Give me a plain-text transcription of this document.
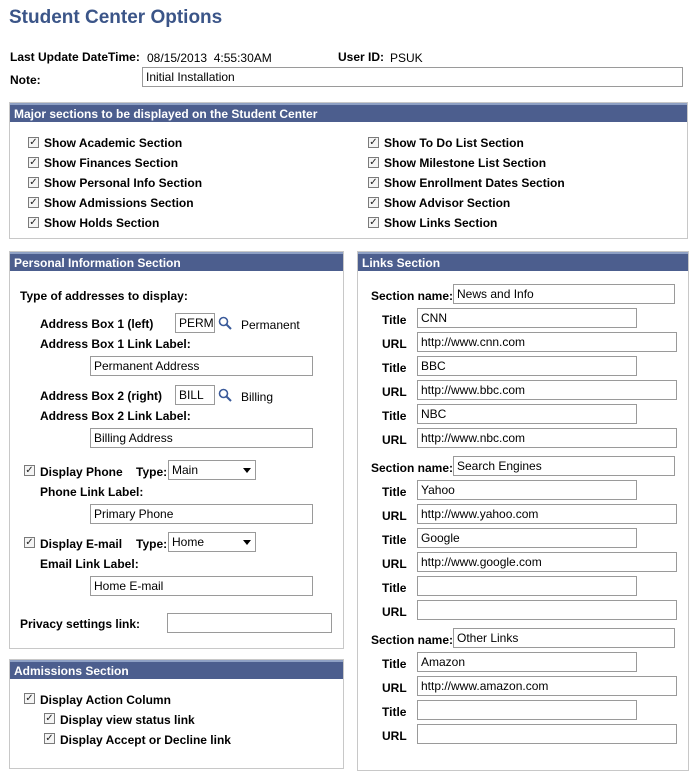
Student Center Options
Last Update DateTime: 08/15/2013  4:55:30AM	User ID: PSUK
Note:	Initial Installation
Major sections to be displayed on the Student Center
Personal Information Section
Type of addresses to display:
Address Box 1 (left)	PERM Permanent
Address Box 1 Link Label:
Permanent Address
Address Box 2 (right)	BILL	Billing
Address Box 2 Link Label:
Billing Address
✓ Display Phone Type: Main
Phone Link Label:
Primary Phone
✓ Display E-mail Type: Home
Email Link Label:
Home E-mail
Privacy settings link:
Admissions Section
✓ Display Action Column
✓ Display view status link
✓ Display Accept or Decline link
Links Section
✓ Show Academic Section
✓ Show Finances Section
✓ Show Personal Info Section
✓ Show Admissions Section
✓ Show Holds Section
✓ Show To Do List Section
✓ Show Milestone List Section
✓ Show Enrollment Dates Section
✓ Show Advisor Section
✓ Show Links Section
Section name: News and Info
Title	CNN
URL	http://www.cnn.com
Title	BBC
URL	http://www.bbc.com
Title	NBC
URL	http://www.nbc.com
Section name: Search Engines
Title	Yahoo
URL	http://www.yahoo.com
Title	Google
URL	http://www.google.com
Title
URL
Section name: Other Links
Title	Amazon
URL	http://www.amazon.com
Title
URL
